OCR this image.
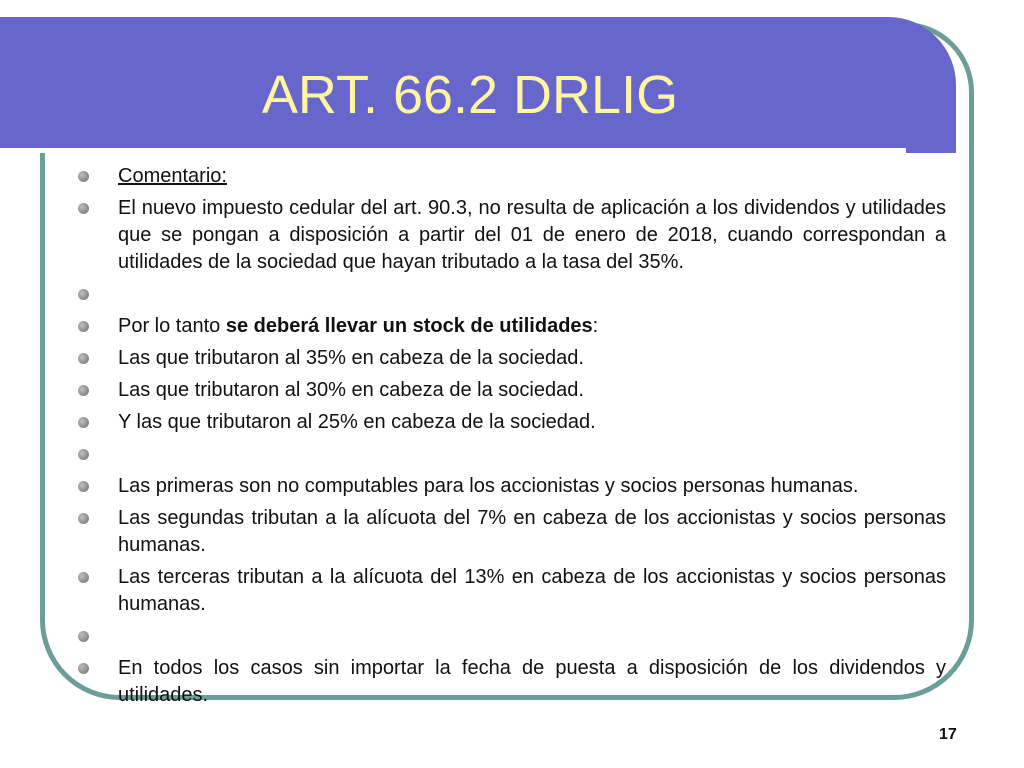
ART. 66.2 DRLIG
Comentario:
El nuevo impuesto cedular del art. 90.3, no resulta de aplicación a los dividendos y utilidades que se pongan a disposición a partir del 01 de enero de 2018, cuando correspondan a utilidades de la sociedad que hayan tributado a la tasa del 35%.
Por lo tanto se deberá llevar un stock de utilidades:
Las que tributaron al 35% en cabeza de la sociedad.
Las que tributaron al 30% en cabeza de la sociedad.
Y las que tributaron al 25% en cabeza de la sociedad.
Las primeras son no computables para los accionistas y socios personas humanas.
Las segundas tributan a la alícuota del 7% en cabeza de los accionistas y socios personas humanas.
Las terceras tributan a la alícuota del 13% en cabeza de los accionistas y socios personas humanas.
En todos los casos sin importar la fecha de puesta a disposición de los dividendos y utilidades.
17
